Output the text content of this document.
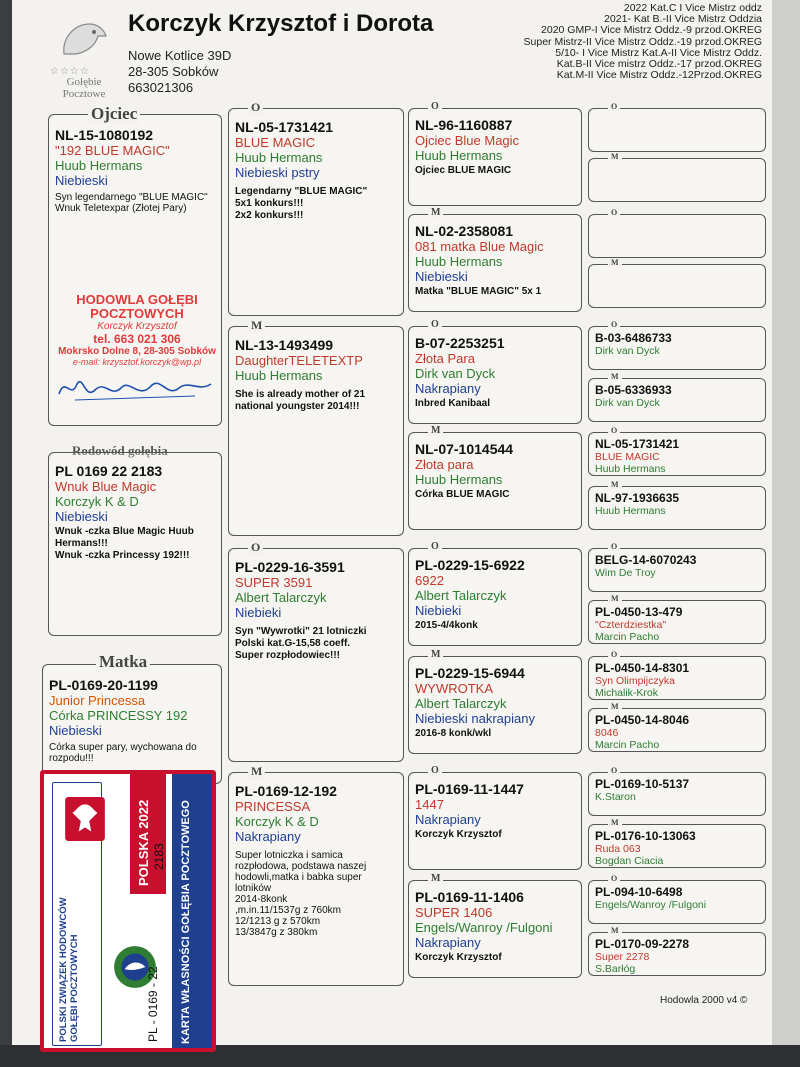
☆☆☆☆
Gołębie
Pocztowe
Korczyk Krzysztof i Dorota
Nowe Kotlice 39D
28-305 Sobków
663021306
2022 Kat.C I Vice Mistrz oddz
2021- Kat B.-II Vice Mistrz Oddzia
2020 GMP-I Vice Mistrz Oddz.-9 przod.OKREG
Super Mistrz-II Vice Mistrz Oddz.-19 przod.OKREG
5/10- I Vice Mistrz Kat.A-II Vice Mistrz Oddz.
Kat.B-II Vice mistrz Oddz.-17 przod.OKREG
Kat.M-II Vice Mistrz Oddz.-12Przod.OKREG
NL-15-1080192
"192 BLUE MAGIC"
Huub Hermans
Niebieski
Syn legendarnego "BLUE MAGIC"
Wnuk Teletexpar (Złotej Pary)
Ojciec
HODOWLA GOŁĘBI
POCZTOWYCH
Korczyk Krzysztof
tel. 663 021 306
Mokrsko Dolne 8, 28-305 Sobków
e-mail: krzysztof.korczyk@wp.pl
Rodowód gołębia
PL 0169 22 2183
Wnuk Blue Magic
Korczyk K & D
Niebieski
Wnuk -czka Blue Magic Huub Hermans!!!
Wnuk -czka Princessy 192!!!
PL-0169-20-1199
Junior Princessa
Córka PRINCESSY 192
Niebieski
Córka super pary, wychowana do rozpodu!!!
Matka
NL-05-1731421
BLUE MAGIC
Huub Hermans
Niebieski pstry
Legendarny "BLUE MAGIC"
5x1 konkurs!!!
2x2 konkurs!!!
O
NL-13-1493499
DaughterTELETEXTP
Huub Hermans
She is already mother of 21 national youngster 2014!!!
M
PL-0229-16-3591
SUPER 3591
Albert Talarczyk
Niebieki
Syn "Wywrotki" 21 lotniczki Polski kat.G-15,58 coeff.
Super rozpłodowiec!!!
O
PL-0169-12-192
PRINCESSA
Korczyk K & D
Nakrapiany
Super lotniczka i samica rozpłodowa, podstawa naszej hodowli,matka i babka super lotników
2014-8konk
,m.in.11/1537g z 760km
12/1213 g z 570km
13/3847g z 380km
M
NL-96-1160887
Ojciec Blue Magic
Huub Hermans
Ojciec BLUE MAGIC
O
NL-02-2358081
081 matka Blue Magic
Huub Hermans
Niebieski
Matka "BLUE MAGIC" 5x 1
M
B-07-2253251
Złota Para
Dirk van Dyck
Nakrapiany
Inbred Kanibaal
O
NL-07-1014544
Złota para
Huub Hermans
Córka BLUE MAGIC
M
PL-0229-15-6922
6922
Albert Talarczyk
Niebieki
2015-4/4konk
O
PL-0229-15-6944
WYWROTKA
Albert Talarczyk
Niebieski nakrapiany
2016-8 konk/wkl
M
PL-0169-11-1447
1447
Nakrapiany
Korczyk Krzysztof
O
PL-0169-11-1406
SUPER 1406
Engels/Wanroy /Fulgoni
Nakrapiany
Korczyk Krzysztof
M
O
M
O
M
B-03-6486733
Dirk van Dyck
O
B-05-6336933
Dirk van Dyck
M
NL-05-1731421
BLUE MAGIC
Huub Hermans
O
NL-97-1936635
Huub Hermans
M
BELG-14-6070243
Wim De Troy
O
PL-0450-13-479
"Czterdziestka"
Marcin Pacho
M
PL-0450-14-8301
Syn Olimpijczyka
Michalik-Krok
O
PL-0450-14-8046
8046
Marcin Pacho
M
PL-0169-10-5137
K.Staron
O
PL-0176-10-13063
Ruda 063
Bogdan Ciacia
M
PL-094-10-6498
Engels/Wanroy /Fulgoni
O
PL-0170-09-2278
Super 2278
S.Barłóg
M
POLSKA 2022 2183
POLSKI ZWIĄZEK HODOWCÓW GOŁĘBI POCZTOWYCH	PL - 0169 - 22 KARTA WŁASNOŚCI GOŁĘBIA POCZTOWEGO	Hodowla 2000 v4 ©
